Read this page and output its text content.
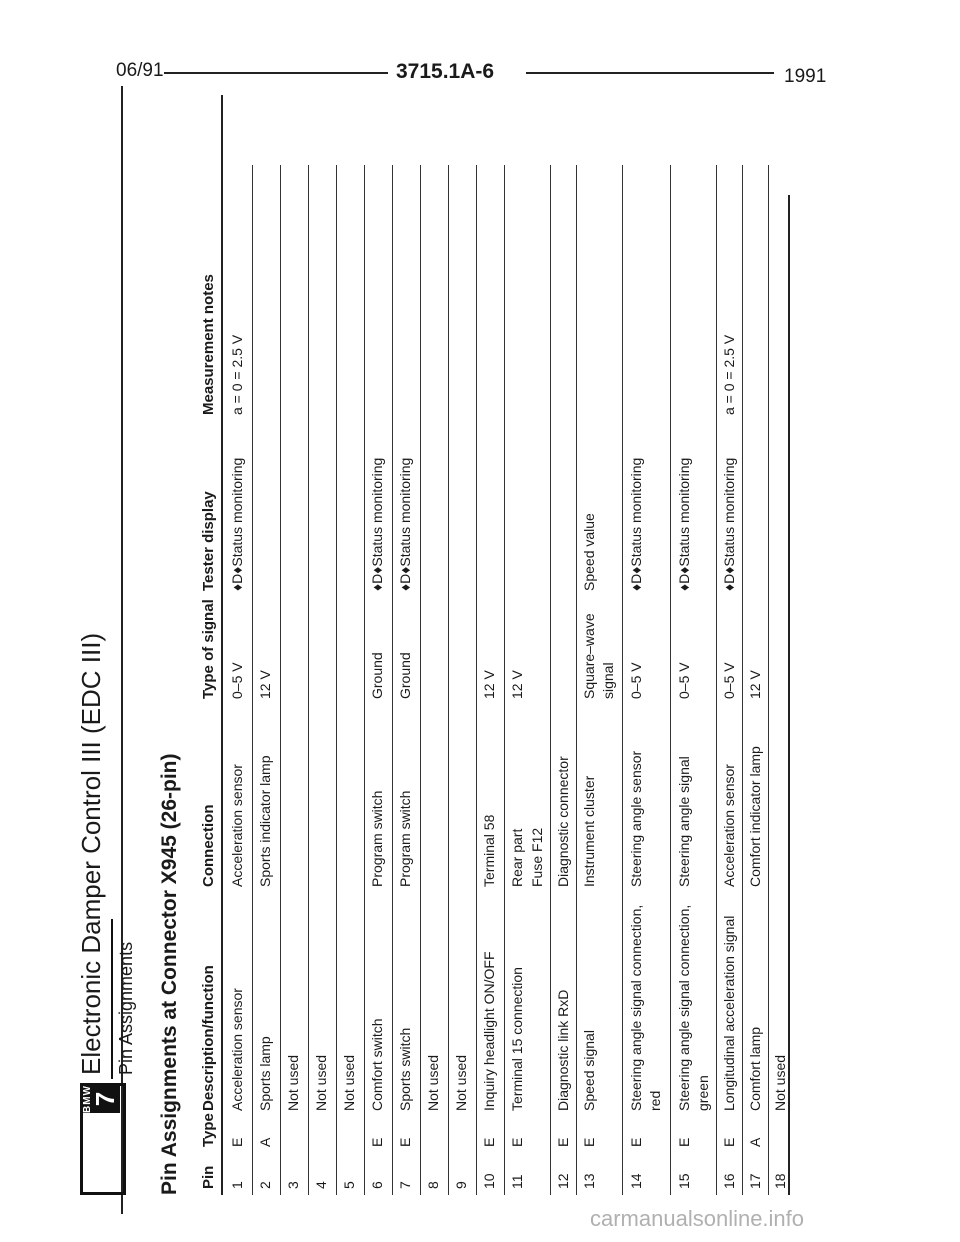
06/91	3715.1A-6	1991
BMW
7
Electronic Damper Control III (EDC III) Pin Assignments Pin Assignments at Connector X945 (26-pin) Pin
Type
Description/function
Connection
Type of signal
Tester display
Measurement notes
1
E
Acceleration sensor
Acceleration sensor
0–5 V
♦D♦Status monitoring
a = 0 = 2.5 V
2
A
Sports lamp
Sports indicator lamp
12 V
3
Not used
4
Not used
5
Not used
6
E
Comfort switch
Program switch
Ground
♦D♦Status monitoring
7
E
Sports switch
Program switch
Ground
♦D♦Status monitoring
8
Not used
9
Not used
10
E
Inquiry headlight ON/OFF
Terminal 58
12 V
11
E
Terminal 15 connection
Rear part Fuse F12
12 V
12
E
Diagnostic link RxD
Diagnostic connector
13
E
Speed signal
Instrument cluster
Square–wave signal
Speed value
14
E
Steering angle signal connection, red
Steering angle sensor
0–5 V
♦D♦Status monitoring
15
E
Steering angle signal connection, green
Steering angle signal
0–5 V
♦D♦Status monitoring
16
E
Longitudinal acceleration signal
Acceleration sensor
0–5 V
♦D♦Status monitoring
a = 0 = 2.5 V
17
A
Comfort lamp
Comfort indicator lamp
12 V
18
Not used
carmanualsonline.info
